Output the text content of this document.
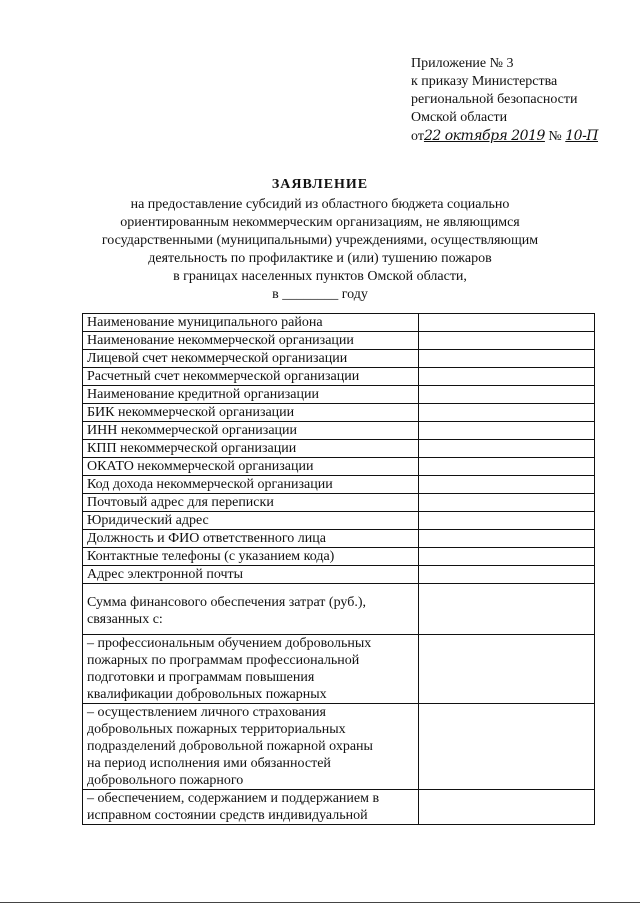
Приложение № 3
к приказу Министерства
региональной безопасности
Омской области
от22 октября 2019 № 10-П
ЗАЯВЛЕНИЕ
на предоставление субсидий из областного бюджета социально
ориентированным некоммерческим организациям, не являющимся
государственными (муниципальными) учреждениями, осуществляющим
деятельность по профилактике и (или) тушению пожаров
в границах населенных пунктов Омской области,
в ________ году
Наименование муниципального района	
Наименование некоммерческой организации	
Лицевой счет некоммерческой организации	
Расчетный счет некоммерческой организации	
Наименование кредитной организации	
БИК некоммерческой организации	
ИНН некоммерческой организации	
КПП некоммерческой организации	
ОКАТО некоммерческой организации	
Код дохода некоммерческой организации	
Почтовый адрес для переписки	
Юридический адрес	
Должность и ФИО ответственного лица	
Контактные телефоны (с указанием кода)	
Адрес электронной почты	

Сумма финансового обеспечения затрат (руб.),
связанных с:	

– профессиональным обучением добровольных
пожарных по программам профессиональной
подготовки и программам повышения
квалификации добровольных пожарных	

– осуществлением личного страхования
добровольных пожарных территориальных
подразделений добровольной пожарной охраны
на период исполнения ими обязанностей
добровольного пожарного	

– обеспечением, содержанием и поддержанием в
исправном состоянии средств индивидуальной	
